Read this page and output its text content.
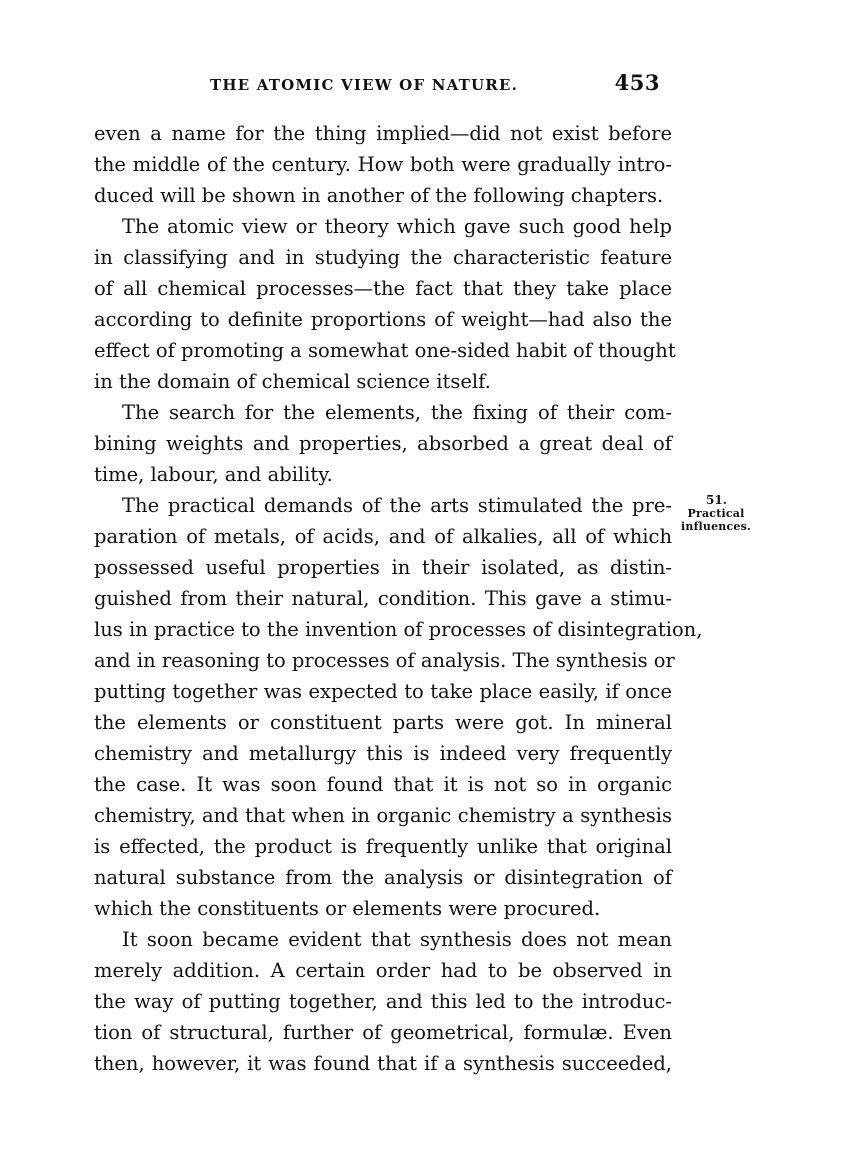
THE ATOMIC VIEW OF NATURE.	453
even a name for the thing implied—did not exist before
the middle of the century. How both were gradually intro-
duced will be shown in another of the following chapters.
The atomic view or theory which gave such good help
in classifying and in studying the characteristic feature
of all chemical processes—the fact that they take place
according to definite proportions of weight—had also the
effect of promoting a somewhat one-sided habit of thought
in the domain of chemical science itself.
The search for the elements, the fixing of their com-
bining weights and properties, absorbed a great deal of
time, labour, and ability.
The practical demands of the arts stimulated the pre-
paration of metals, of acids, and of alkalies, all of which
possessed useful properties in their isolated, as distin-
guished from their natural, condition. This gave a stimu-
lus in practice to the invention of processes of disintegration,
and in reasoning to processes of analysis. The synthesis or
putting together was expected to take place easily, if once
the elements or constituent parts were got. In mineral
chemistry and metallurgy this is indeed very frequently
the case. It was soon found that it is not so in organic
chemistry, and that when in organic chemistry a synthesis
is effected, the product is frequently unlike that original
natural substance from the analysis or disintegration of
which the constituents or elements were procured.
It soon became evident that synthesis does not mean
merely addition. A certain order had to be observed in
the way of putting together, and this led to the introduc-
tion of structural, further of geometrical, formulæ. Even
then, however, it was found that if a synthesis succeeded,
51.
Practical
influences.
